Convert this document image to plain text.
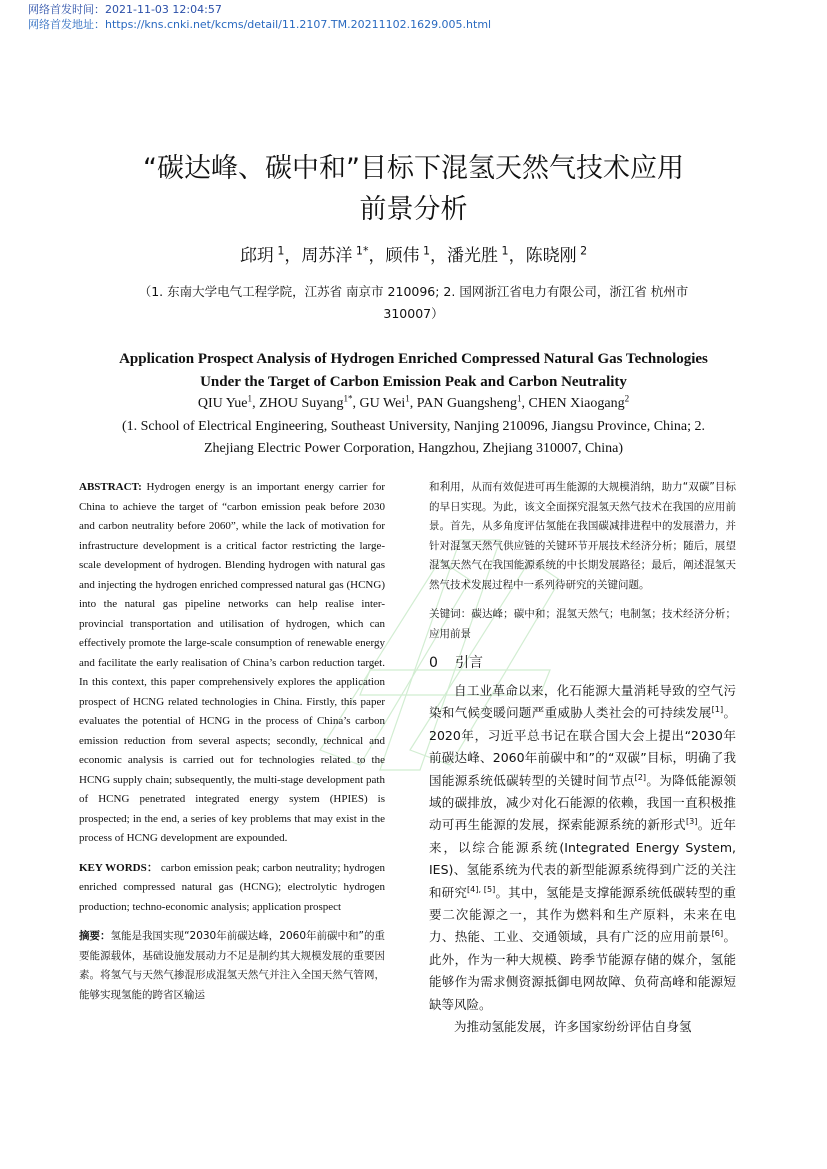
网络首发时间：2021-11-03 12:04:57
网络首发地址：https://kns.cnki.net/kcms/detail/11.2107.TM.20211102.1629.005.html
“碳达峰、碳中和”目标下混氢天然气技术应用
前景分析
邱玥 $^1$，周苏洋 $^{1*}$，顾伟 $^1$，潘光胜 $^1$，陈晓刚 $^2$
（1. 东南大学电气工程学院，江苏省 南京市 210096; 2. 国网浙江省电力有限公司，浙江省 杭州市
310007）
Application Prospect Analysis of Hydrogen Enriched Compressed Natural Gas Technologies
Under the Target of Carbon Emission Peak and Carbon Neutrality
QIU Yue$^1$, ZHOU Suyang$^{1*}$, GU Wei$^1$, PAN Guangsheng$^1$, CHEN Xiaogang$^2$
(1. School of Electrical Engineering, Southeast University, Nanjing 210096, Jiangsu Province, China; 2.
Zhejiang Electric Power Corporation, Hangzhou, Zhejiang 310007, China)

ABSTRACT: Hydrogen energy is an important energy carrier for China to achieve the target of “carbon emission peak before 2030 and carbon neutrality before 2060”, while the lack of motivation for infrastructure development is a critical factor restricting the large-scale development of hydrogen. Blending hydrogen with natural gas and injecting the hydrogen enriched compressed natural gas (HCNG) into the natural gas pipeline networks can help realise inter-provincial transportation and utilisation of hydrogen, which can effectively promote the large-scale consumption of renewable energy and facilitate the early realisation of China’s carbon reduction target. In this context, this paper comprehensively explores the application prospect of HCNG related technologies in China. Firstly, this paper evaluates the potential of HCNG in the process of China’s carbon emission reduction from several aspects; secondly, technical and economic analysis is carried out for technologies related to the HCNG supply chain; subsequently, the multi-stage development path of HCNG penetrated integrated energy system (HPIES) is prospected; in the end, a series of key problems that may exist in the process of HCNG development are expounded.

KEY WORDS： carbon emission peak; carbon neutrality; hydrogen enriched compressed natural gas (HCNG); electrolytic hydrogen production; techno-economic analysis; application prospect

摘要：氢能是我国实现“2030年前碳达峰，2060年前碳中和”的重要能源载体，基础设施发展动力不足是制约其大规模发展的重要因素。将氢气与天然气掺混形成混氢天然气并注入全国天然气管网，能够实现氢能的跨省区输运

和利用，从而有效促进可再生能源的大规模消纳，助力“双碳”目标的早日实现。为此，该文全面探究混氢天然气技术在我国的应用前景。首先，从多角度评估氢能在我国碳减排进程中的发展潜力，并针对混氢天然气供应链的关键环节开展技术经济分析；随后，展望混氢天然气在我国能源系统的中长期发展路径；最后，阐述混氢天然气技术发展过程中一系列待研究的关键问题。

关键词：碳达峰；碳中和；混氢天然气；电制氢；技术经济分析；应用前景

0 引言

自工业革命以来，化石能源大量消耗导致的空气污染和气候变暖问题严重威胁人类社会的可持续发展[1]。2020年，习近平总书记在联合国大会上提出“2030年前碳达峰、2060年前碳中和”的“双碳”目标，明确了我国能源系统低碳转型的关键时间节点[2]。为降低能源领域的碳排放，减少对化石能源的依赖，我国一直积极推动可再生能源的发展，探索能源系统的新形式[3]。近年来，以综合能源系统(Integrated Energy System, IES)、氢能系统为代表的新型能源系统得到广泛的关注和研究[4], [5]。其中，氢能是支撑能源系统低碳转型的重要二次能源之一，其作为燃料和生产原料，未来在电力、热能、工业、交通领域，具有广泛的应用前景[6]。此外，作为一种大规模、跨季节能源存储的媒介，氢能能够作为需求侧资源抵御电网故障、负荷高峰和能源短缺等风险。

为推动氢能发展，许多国家纷纷评估自身氢
